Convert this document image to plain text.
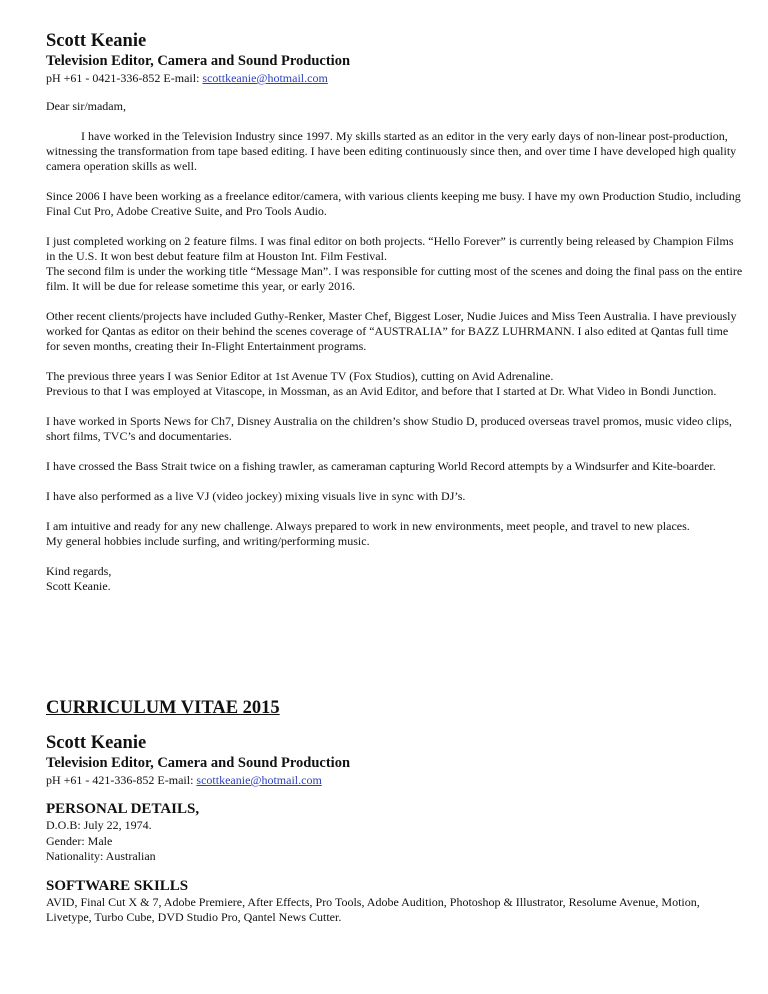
Scott Keanie

Television Editor, Camera and Sound Production

pH +61 - 0421-336-852 E-mail: scottkeanie@hotmail.com

Dear sir/madam,

I have worked in the Television Industry since 1997. My skills started as an editor in the very early days of non-linear post-production, witnessing the transformation from tape based editing. I have been editing continuously since then, and over time I have developed high quality camera operation skills as well.

Since 2006 I have been working as a freelance editor/camera, with various clients keeping me busy. I have my own Production Studio, including Final Cut Pro, Adobe Creative Suite, and Pro Tools Audio.

I just completed working on 2 feature films. I was final editor on both projects. “Hello Forever” is currently being released by Champion Films in the U.S. It won best debut feature film at Houston Int. Film Festival.
The second film is under the working title “Message Man”. I was responsible for cutting most of the scenes and doing the final pass on the entire film. It will be due for release sometime this year, or early 2016.

Other recent clients/projects have included Guthy-Renker, Master Chef, Biggest Loser, Nudie Juices and Miss Teen Australia. I have previously worked for Qantas as editor on their behind the scenes coverage of “AUSTRALIA” for BAZZ LUHRMANN. I also edited at Qantas full time for seven months, creating their In-Flight Entertainment programs.

The previous three years I was Senior Editor at 1st Avenue TV (Fox Studios), cutting on Avid Adrenaline.
Previous to that I was employed at Vitascope, in Mossman, as an Avid Editor, and before that I started at Dr. What Video in Bondi Junction.

I have worked in Sports News for Ch7, Disney Australia on the children’s show Studio D, produced overseas travel promos, music video clips, short films, TVC’s and documentaries.

I have crossed the Bass Strait twice on a fishing trawler, as cameraman capturing World Record attempts by a Windsurfer and Kite-boarder.

I have also performed as a live VJ (video jockey) mixing visuals live in sync with DJ’s.

I am intuitive and ready for any new challenge. Always prepared to work in new environments, meet people, and travel to new places.
My general hobbies include surfing, and writing/performing music.

Kind regards,
Scott Keanie.

CURRICULUM VITAE 2015

Scott Keanie

Television Editor, Camera and Sound Production

pH +61 - 421-336-852 E-mail: scottkeanie@hotmail.com

PERSONAL DETAILS,

D.O.B: July 22, 1974.
Gender: Male
Nationality: Australian

SOFTWARE SKILLS

AVID, Final Cut X & 7, Adobe Premiere, After Effects, Pro Tools, Adobe Audition, Photoshop & Illustrator, Resolume Avenue, Motion, Livetype, Turbo Cube, DVD Studio Pro, Qantel News Cutter.
